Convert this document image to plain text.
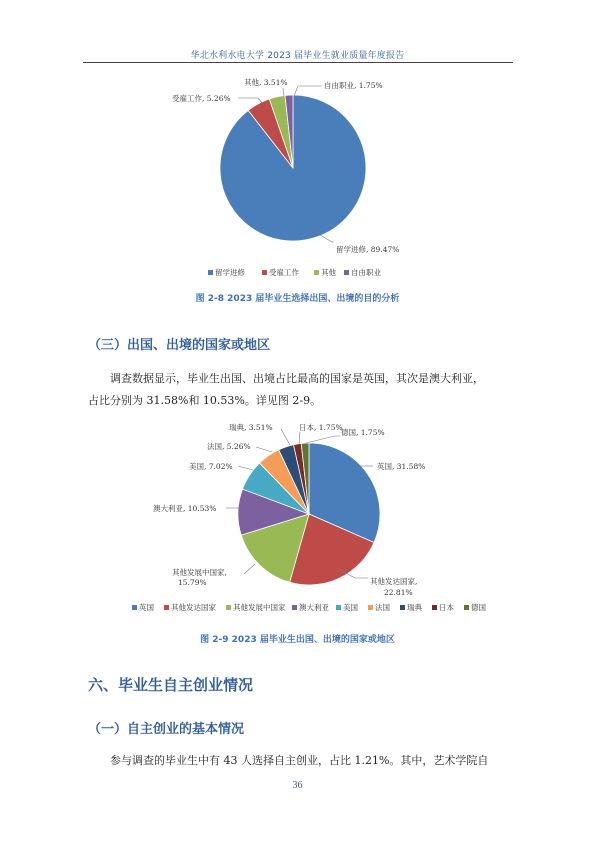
华北水利水电大学 2023 届毕业生就业质量年度报告
留学进修, 89.47%
受雇工作, 5.26%
其他, 3.51%	自由职业, 1.75%
留学进修	受雇工作	其他 自由职业
英国, 31.58%
其他发达国家,
22.81%
其他发展中国家,
15.79%
澳大利亚, 10.53%
美国, 7.02%
法国, 5.26%
瑞典, 3.51%	日本, 1.75%
德国, 1.75%
英国 其他发达国家 其他发展中国家 澳大利亚 美国 法国 瑞典 日本 德国
图 2-8 2023 届毕业生选择出国、出境的目的分析
（三）出国、出境的国家或地区
调查数据显示，毕业生出国、出境占比最高的国家是英国，其次是澳大利亚，
占比分别为 31.58%和 10.53%。详见图 2-9。
图 2-9 2023 届毕业生出国、出境的国家或地区
六、毕业生自主创业情况
（一）自主创业的基本情况
参与调查的毕业生中有 43 人选择自主创业，占比 1.21%。其中，艺术学院自
36
